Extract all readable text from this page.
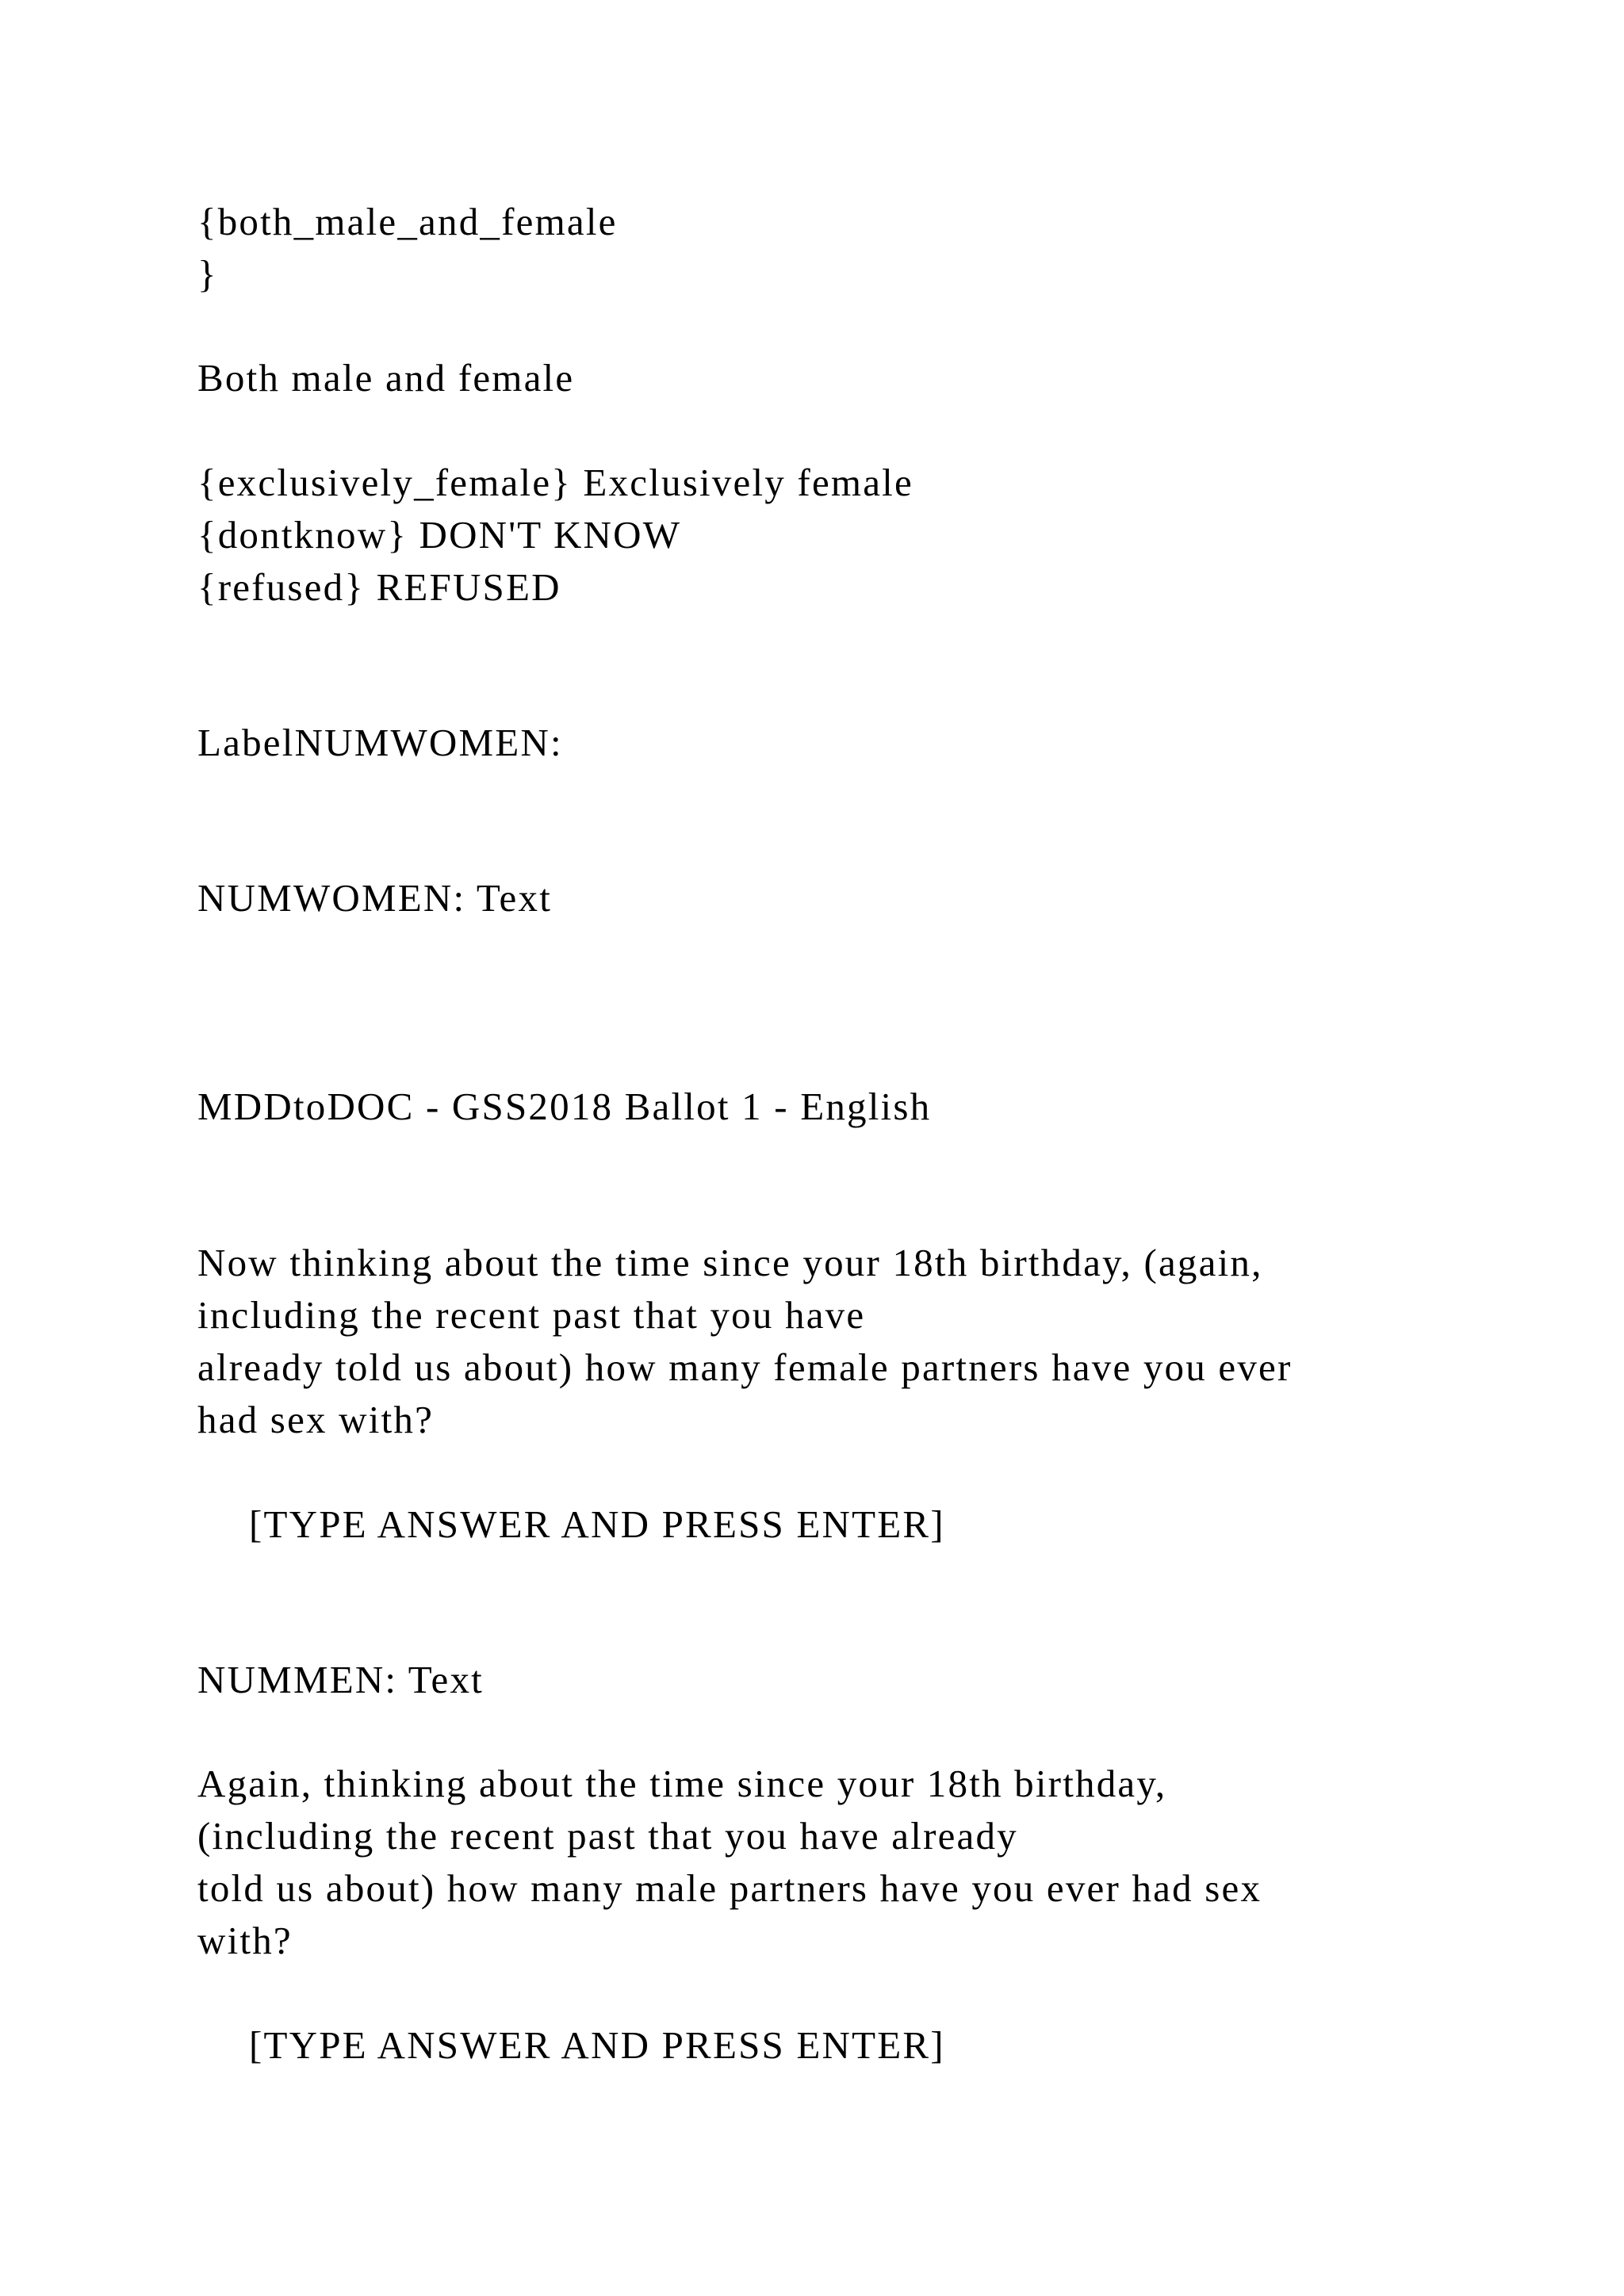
{both_male_and_female

}

Both male and female

{exclusively_female} Exclusively female

{dontknow} DON'T KNOW

{refused} REFUSED

LabelNUMWOMEN:

NUMWOMEN: Text

MDDtoDOC - GSS2018 Ballot 1 - English

Now thinking about the time since your 18th birthday, (again,

including the recent past that you have

already told us about) how many female partners have you ever

had sex with?

[TYPE ANSWER AND PRESS ENTER]

NUMMEN: Text

Again, thinking about the time since your 18th birthday,

(including the recent past that you have already

told us about) how many male partners have you ever had sex

with?

[TYPE ANSWER AND PRESS ENTER]
